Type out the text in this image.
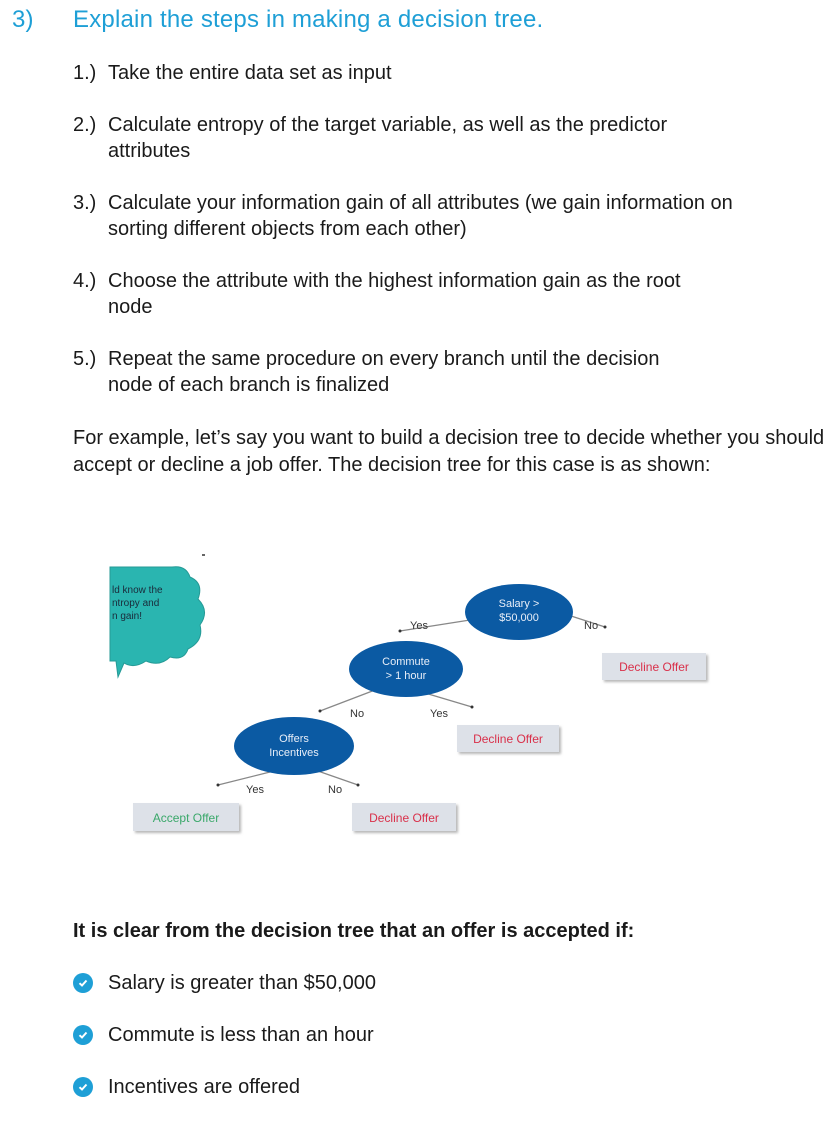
3) Explain the steps in making a decision tree.
1.) Take the entire data set as input
2.) Calculate entropy of the target variable, as well as the predictor attributes
3.) Calculate your information gain of all attributes (we gain information on sorting different objects from each other)
4.) Choose the attribute with the highest information gain as the root node
5.) Repeat the same procedure on every branch until the decision node of each branch is finalized
For example, let’s say you want to build a decision tree to decide whether you should accept or decline a job offer. The decision tree for this case is as shown:
ld know the
ntropy and
n gain!
Yes	No
No	Yes
Yes	No
Salary >
$50,000
Commute
> 1 hour
Offers
Incentives
Decline Offer
Decline Offer
Decline Offer
Accept Offer
It is clear from the decision tree that an offer is accepted if:
Salary is greater than $50,000
Commute is less than an hour
Incentives are offered
